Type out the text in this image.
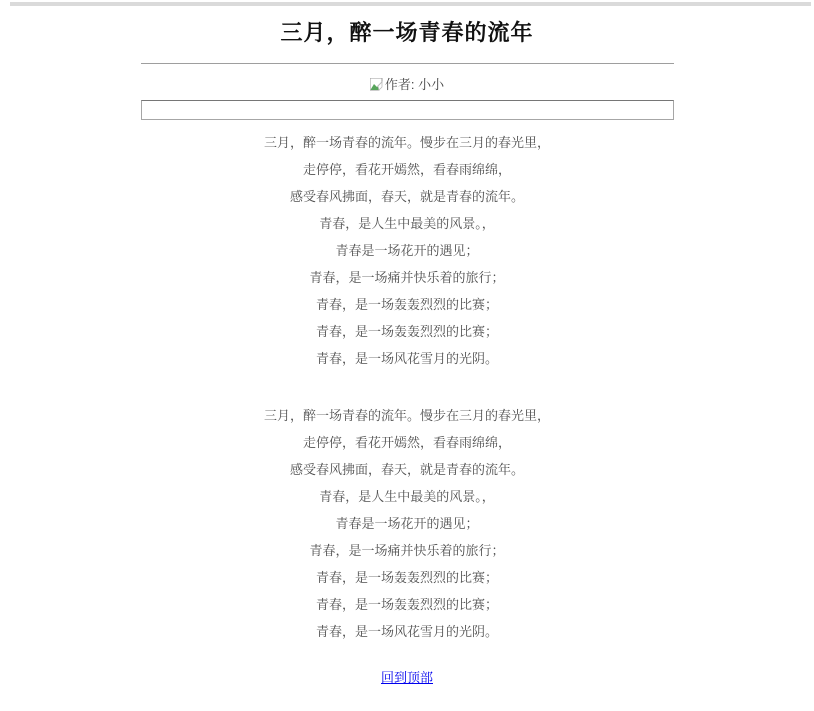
三月，醉一场青春的流年
作者: 小小
三月，醉一场青春的流年。慢步在三月的春光里，
走停停，看花开嫣然，看春雨绵绵，
感受春风拂面，春天，就是青春的流年。
青春，是人生中最美的风景。，
青春是一场花开的遇见；
青春，是一场痛并快乐着的旅行；
青春，是一场轰轰烈烈的比赛；
青春，是一场轰轰烈烈的比赛；
青春，是一场风花雪月的光阴。
三月，醉一场青春的流年。慢步在三月的春光里，
走停停，看花开嫣然，看春雨绵绵，
感受春风拂面，春天，就是青春的流年。
青春，是人生中最美的风景。，
青春是一场花开的遇见；
青春，是一场痛并快乐着的旅行；
青春，是一场轰轰烈烈的比赛；
青春，是一场轰轰烈烈的比赛；
青春，是一场风花雪月的光阴。
回到顶部
